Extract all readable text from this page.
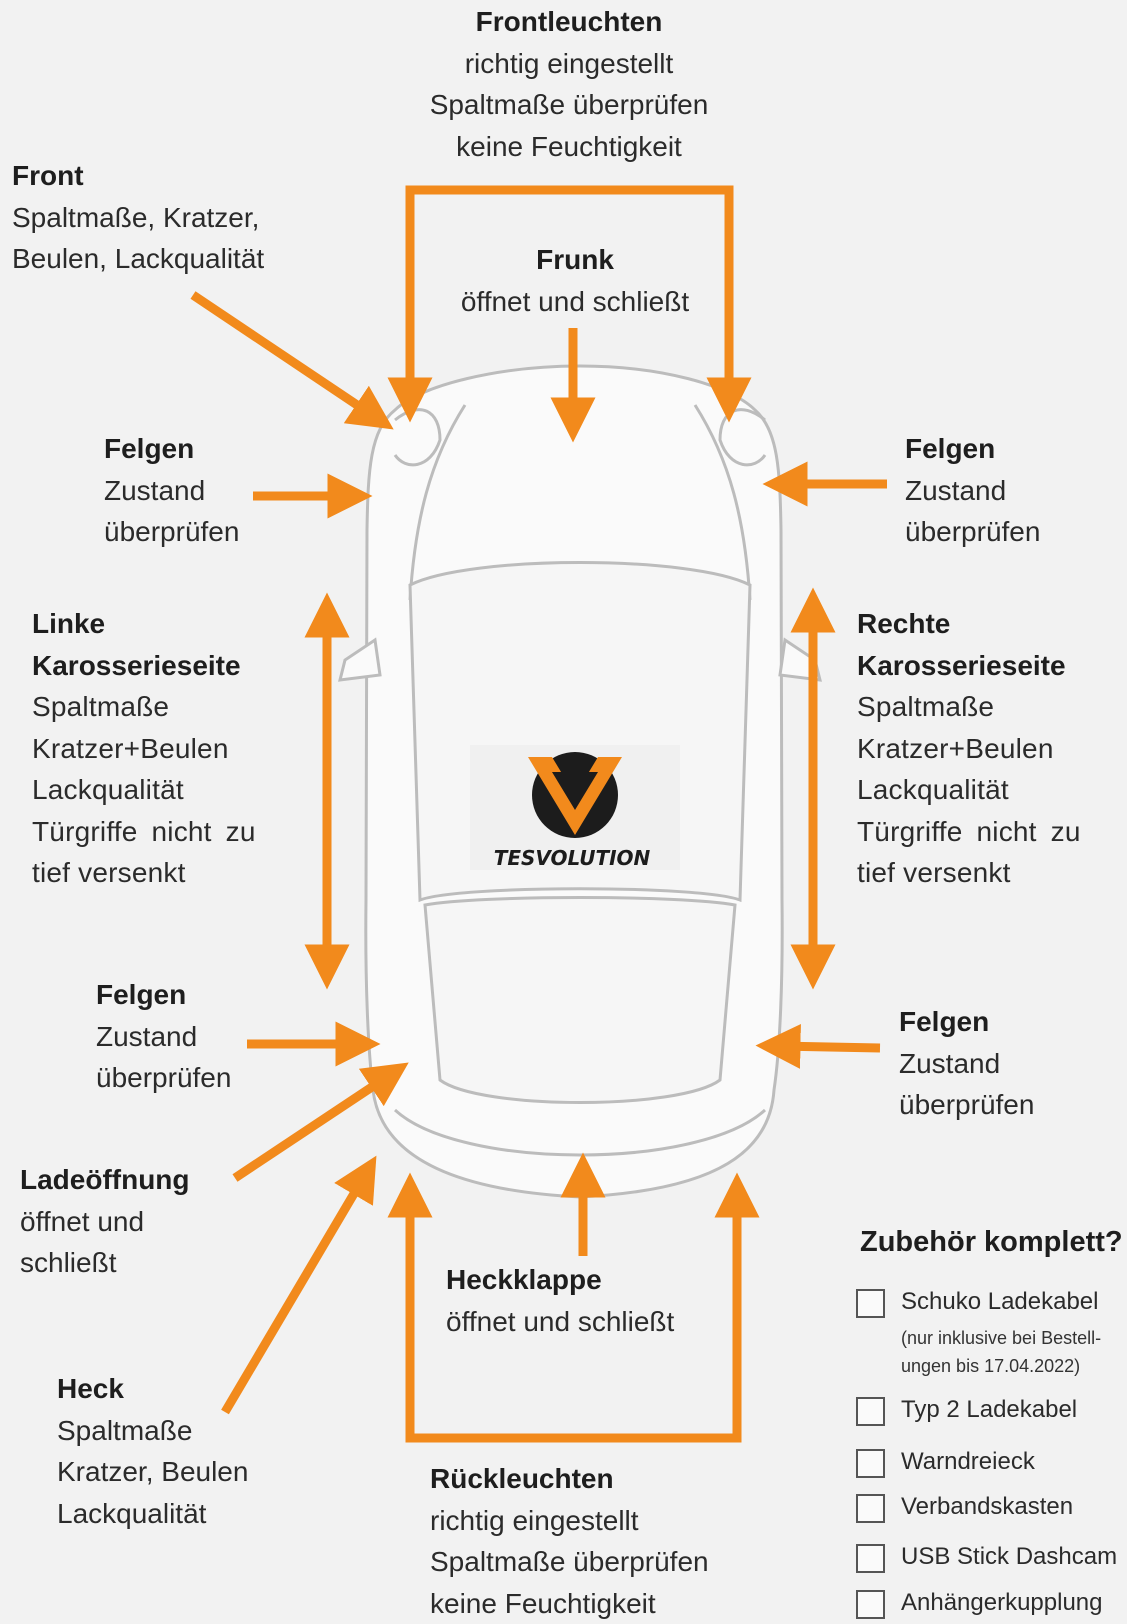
TESVOLUTION
Frontleuchten
richtig eingestellt
Spaltmaße überprüfen
keine Feuchtigkeit
Front
Spaltmaße, Kratzer,
Beulen, Lackqualität	Frunk
öffnet und schließt
Felgen
Zustand
überprüfen
Felgen
Zustand
überprüfen
Linke
Karosserieseite
Spaltmaße
Kratzer+Beulen
Lackqualität
Türgriffe nicht zu
tief versenkt
Rechte
Karosserieseite
Spaltmaße
Kratzer+Beulen
Lackqualität
Türgriffe nicht zu
tief versenkt
Felgen
Zustand
überprüfen
Felgen
Zustand
überprüfen
Ladeöffnung
öffnet und
schließt
Heckklappe
öffnet und schließt
Heck
Spaltmaße
Kratzer, Beulen
Lackqualität
Rückleuchten
richtig eingestellt
Spaltmaße überprüfen
keine Feuchtigkeit
Zubehör komplett?
Schuko Ladekabel
(nur inklusive bei Bestell-
ungen bis 17.04.2022)
Typ 2 Ladekabel
Warndreieck
Verbandskasten
USB Stick Dashcam
Anhängerkupplung
